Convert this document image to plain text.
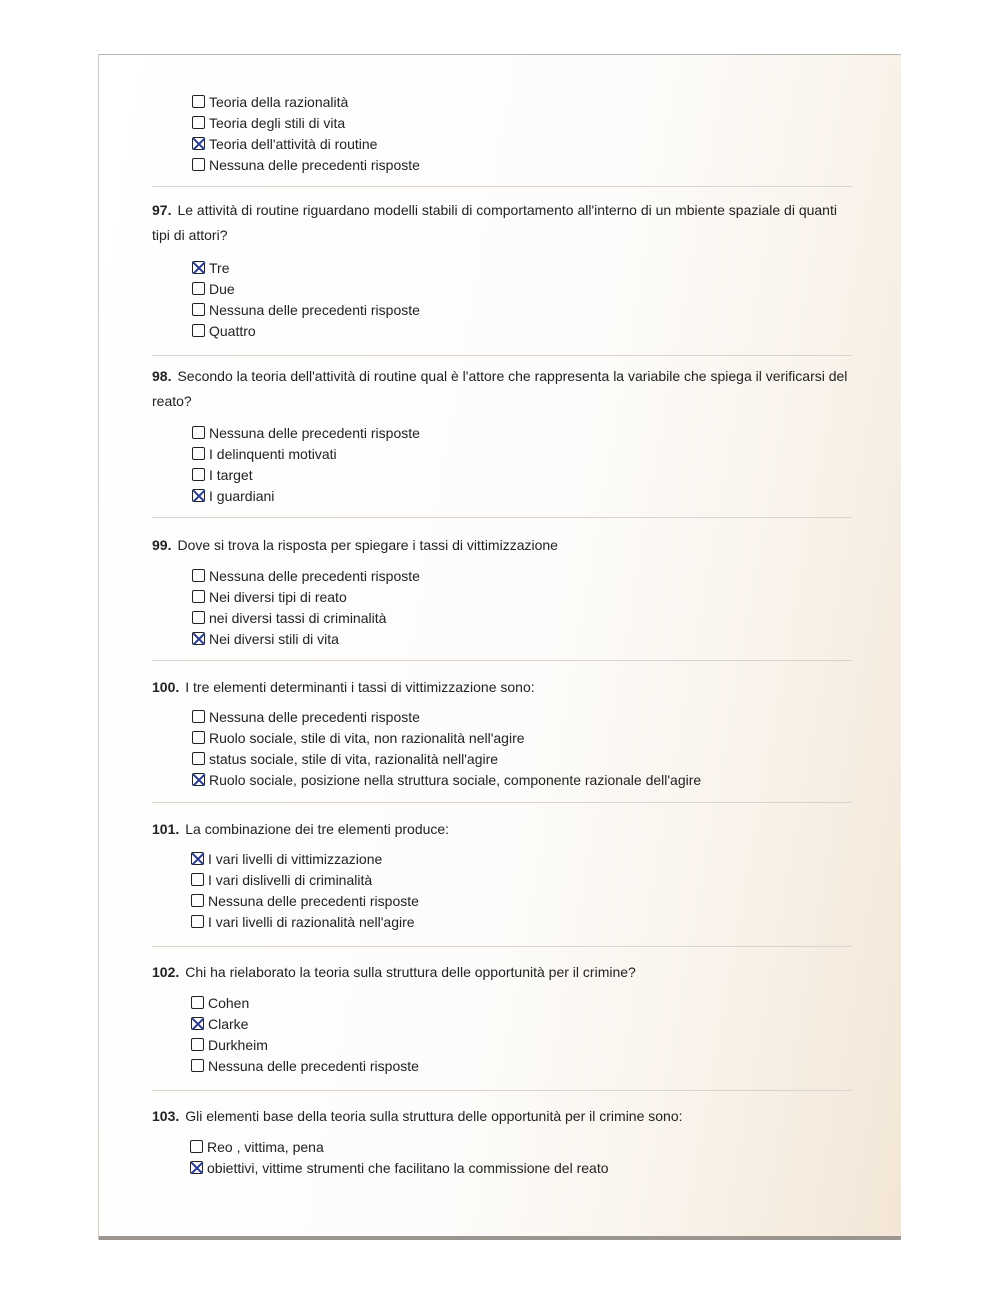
Teoria della razionalità
Teoria degli stili di vita
Teoria dell'attività di routine
Nessuna delle precedenti risposte
97. Le attività di routine riguardano modelli stabili di comportamento all'interno di un mbiente spaziale di quanti tipi di attori?
Tre
Due
Nessuna delle precedenti risposte
Quattro
98. Secondo la teoria dell'attività di routine qual è l'attore che rappresenta la variabile che spiega il verificarsi del reato?
Nessuna delle precedenti risposte
I delinquenti motivati
I target
I guardiani
99. Dove si trova la risposta per spiegare i tassi di vittimizzazione
Nessuna delle precedenti risposte
Nei diversi tipi di reato
nei diversi tassi di criminalità
Nei diversi stili di vita
100. I tre elementi determinanti i tassi di vittimizzazione sono:
Nessuna delle precedenti risposte
Ruolo sociale, stile di vita, non razionalità nell'agire
status sociale, stile di vita, razionalità nell'agire
Ruolo sociale, posizione nella struttura sociale, componente razionale dell'agire
101. La combinazione dei tre elementi produce:
I vari livelli di vittimizzazione
I vari dislivelli di criminalità
Nessuna delle precedenti risposte
I vari livelli di razionalità nell'agire
102. Chi ha rielaborato la teoria sulla struttura delle opportunità per il crimine?
Cohen
Clarke
Durkheim
Nessuna delle precedenti risposte
103. Gli elementi base della teoria sulla struttura delle opportunità per il crimine sono:
Reo , vittima, pena
obiettivi, vittime strumenti che facilitano la commissione del reato
